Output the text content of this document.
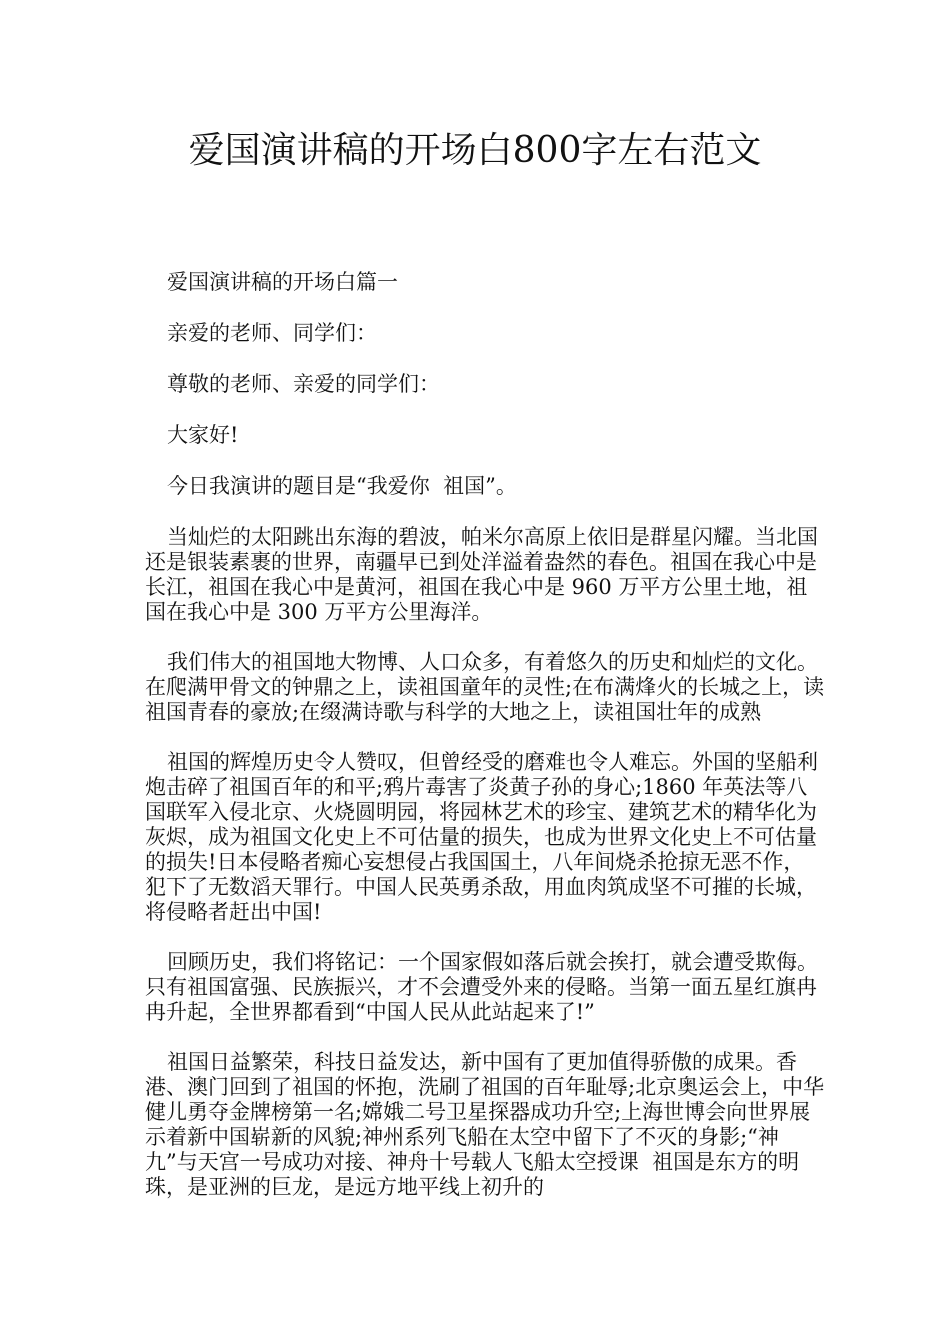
爱国演讲稿的开场白800字左右范文

爱国演讲稿的开场白篇一

亲爱的老师、同学们：

尊敬的老师、亲爱的同学们：

大家好!

今日我演讲的题目是“我爱你  祖国”。

当灿烂的太阳跳出东海的碧波，帕米尔高原上依旧是群星闪耀。当北国还是银装素裹的世界，南疆早已到处洋溢着盎然的春色。祖国在我心中是长江，祖国在我心中是黄河，祖国在我心中是 960 万平方公里土地，祖国在我心中是 300 万平方公里海洋。

我们伟大的祖国地大物博、人口众多，有着悠久的历史和灿烂的文化。在爬满甲骨文的钟鼎之上，读祖国童年的灵性;在布满烽火的长城之上，读祖国青春的豪放;在缀满诗歌与科学的大地之上，读祖国壮年的成熟

祖国的辉煌历史令人赞叹，但曾经受的磨难也令人难忘。外国的坚船利炮击碎了祖国百年的和平;鸦片毒害了炎黄子孙的身心;1860 年英法等八国联军入侵北京、火烧圆明园，将园林艺术的珍宝、建筑艺术的精华化为灰烬，成为祖国文化史上不可估量的损失，也成为世界文化史上不可估量的损失!日本侵略者痴心妄想侵占我国国土，八年间烧杀抢掠无恶不作，犯下了无数滔天罪行。中国人民英勇杀敌，用血肉筑成坚不可摧的长城，将侵略者赶出中国!

回顾历史，我们将铭记：一个国家假如落后就会挨打，就会遭受欺侮。只有祖国富强、民族振兴，才不会遭受外来的侵略。当第一面五星红旗冉冉升起，全世界都看到“中国人民从此站起来了!”

祖国日益繁荣，科技日益发达，新中国有了更加值得骄傲的成果。香港、澳门回到了祖国的怀抱，洗刷了祖国的百年耻辱;北京奥运会上，中华健儿勇夺金牌榜第一名;嫦娥二号卫星探器成功升空;上海世博会向世界展示着新中国崭新的风貌;神州系列飞船在太空中留下了不灭的身影;“神九”与天宫一号成功对接、神舟十号载人飞船太空授课  祖国是东方的明珠，是亚洲的巨龙，是远方地平线上初升的
